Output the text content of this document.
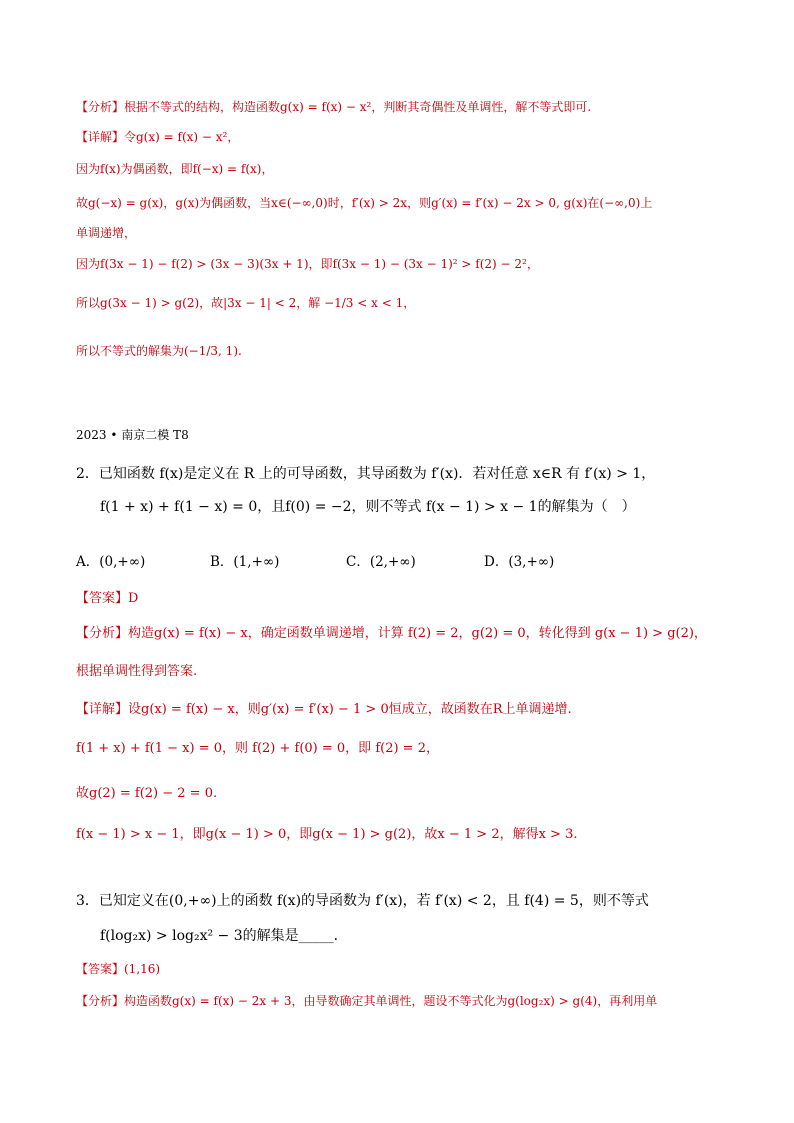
【分析】根据不等式的结构，构造函数g(x) = f(x) − x²，判断其奇偶性及单调性，解不等式即可.
【详解】令g(x) = f(x) − x²，
因为f(x)为偶函数，即f(−x) = f(x)，
故g(−x) = g(x)，g(x)为偶函数，当x∈(−∞,0)时，f′(x) > 2x，则g′(x) = f′(x) − 2x > 0, g(x)在(−∞,0)上
单调递增，
因为f(3x − 1) − f(2) > (3x − 3)(3x + 1)，即f(3x − 1) − (3x − 1)² > f(2) − 2²，
所以g(3x − 1) > g(2)，故|3x − 1| < 2，解 −1/3 < x < 1，
所以不等式的解集为(−1/3, 1).
2023 • 南京二模 T8
2．已知函数 f(x)是定义在 R 上的可导函数，其导函数为 f′(x)．若对任意 x∈R 有 f′(x) > 1，
f(1 + x) + f(1 − x) = 0，且f(0) = −2，则不等式 f(x − 1) > x − 1的解集为（　）
A．(0,+∞)	B．(1,+∞)	C．(2,+∞)	D．(3,+∞)
【答案】D
【分析】构造g(x) = f(x) − x，确定函数单调递增，计算 f(2) = 2，g(2) = 0，转化得到 g(x − 1) > g(2)，
根据单调性得到答案.
【详解】设g(x) = f(x) − x，则g′(x) = f′(x) − 1 > 0恒成立，故函数在R上单调递增.
f(1 + x) + f(1 − x) = 0，则 f(2) + f(0) = 0，即 f(2) = 2，
故g(2) = f(2) − 2 = 0.
f(x − 1) > x − 1，即g(x − 1) > 0，即g(x − 1) > g(2)，故x − 1 > 2，解得x > 3.
3．已知定义在(0,+∞)上的函数 f(x)的导函数为 f′(x)，若 f′(x) < 2，且 f(4) = 5，则不等式
f(log₂x) > log₂x² − 3的解集是_____．
【答案】(1,16)
【分析】构造函数g(x) = f(x) − 2x + 3，由导数确定其单调性，题设不等式化为g(log₂x) > g(4)，再利用单
